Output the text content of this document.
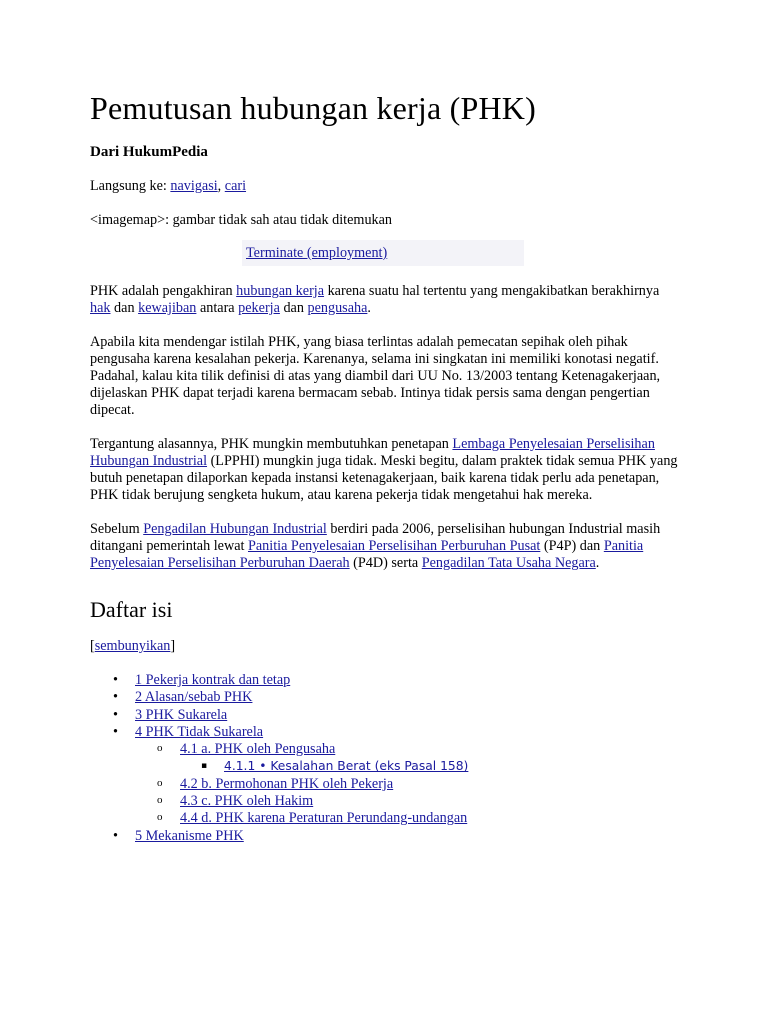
Pemutusan hubungan kerja (PHK)
Dari HukumPedia

Langsung ke: navigasi, cari

<imagemap>: gambar tidak sah atau tidak ditemukan

Terminate (employment)

PHK adalah pengakhiran hubungan kerja karena suatu hal tertentu yang mengakibatkan berakhirnya hak dan kewajiban antara pekerja dan pengusaha.

Apabila kita mendengar istilah PHK, yang biasa terlintas adalah pemecatan sepihak oleh pihak pengusaha karena kesalahan pekerja. Karenanya, selama ini singkatan ini memiliki konotasi negatif. Padahal, kalau kita tilik definisi di atas yang diambil dari UU No. 13/2003 tentang Ketenagakerjaan, dijelaskan PHK dapat terjadi karena bermacam sebab. Intinya tidak persis sama dengan pengertian dipecat.

Tergantung alasannya, PHK mungkin membutuhkan penetapan Lembaga Penyelesaian Perselisihan Hubungan Industrial (LPPHI) mungkin juga tidak. Meski begitu, dalam praktek tidak semua PHK yang butuh penetapan dilaporkan kepada instansi ketenagakerjaan, baik karena tidak perlu ada penetapan, PHK tidak berujung sengketa hukum, atau karena pekerja tidak mengetahui hak mereka.

Sebelum Pengadilan Hubungan Industrial berdiri pada 2006, perselisihan hubungan Industrial masih ditangani pemerintah lewat Panitia Penyelesaian Perselisihan Perburuhan Pusat (P4P) dan Panitia Penyelesaian Perselisihan Perburuhan Daerah (P4D) serta Pengadilan Tata Usaha Negara.

Daftar isi
[sembunyikan]
• 1 Pekerja kontrak dan tetap
• 2 Alasan/sebab PHK
• 3 PHK Sukarela
• 4 PHK Tidak Sukarela
o 4.1 a. PHK oleh Pengusaha
▪ 4.1.1 • Kesalahan Berat (eks Pasal 158)
o 4.2 b. Permohonan PHK oleh Pekerja
o 4.3 c. PHK oleh Hakim
o 4.4 d. PHK karena Peraturan Perundang-undangan
• 5 Mekanisme PHK
